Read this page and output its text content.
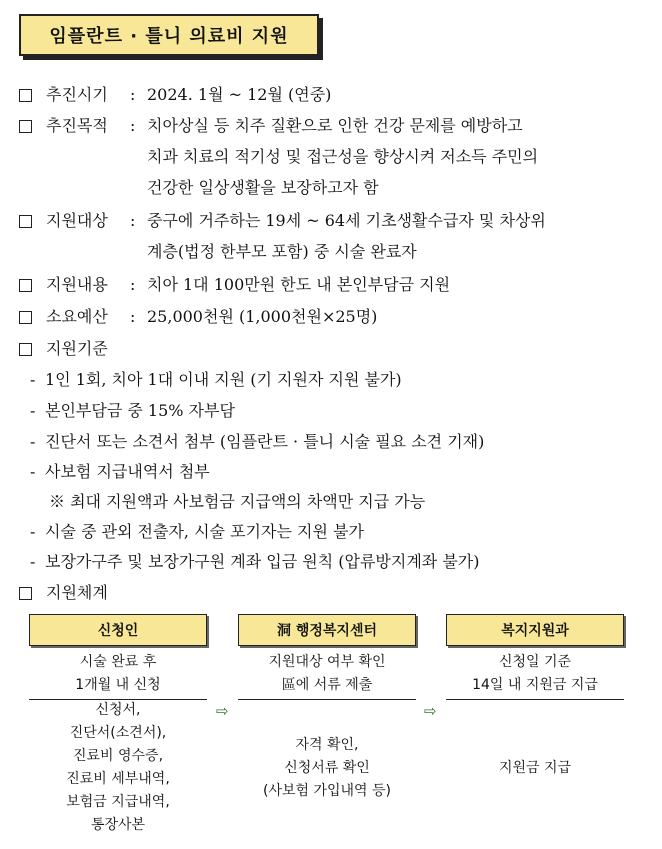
임플란트 · 틀니 의료비 지원
추진시기 : 2024. 1월 ~ 12월 (연중)
추진목적 : 치아상실 등 치주 질환으로 인한 건강 문제를 예방하고
치과 치료의 적기성 및 접근성을 향상시켜 저소득 주민의
건강한 일상생활을 보장하고자 함
지원대상 : 중구에 거주하는 19세 ~ 64세 기초생활수급자 및 차상위
계층(법정 한부모 포함) 중 시술 완료자
지원내용 : 치아 1대 100만원 한도 내 본인부담금 지원
소요예산 : 25,000천원 (1,000천원×25명)
지원기준
- 1인 1회, 치아 1대 이내 지원 (기 지원자 지원 불가)
- 본인부담금 중 15% 자부담
- 진단서 또는 소견서 첨부 (임플란트 · 틀니 시술 필요 소견 기재)
- 사보험 지급내역서 첨부
※ 최대 지원액과 사보험금 지급액의 차액만 지급 가능
- 시술 중 관외 전출자, 시술 포기자는 지원 불가
- 보장가구주 및 보장가구원 계좌 입금 원칙 (압류방지계좌 불가)
지원체계
신청인	洞 행정복지센터	복지지원과
시술 완료 후
1개월 내 신청
신청서,
진단서(소견서),
진료비 영수증,
진료비 세부내역,
보험금 지급내역,
통장사본
⇨
지원대상 여부 확인
區에 서류 제출
자격 확인,
신청서류 확인
(사보험 가입내역 등)
⇨
신청일 기준
14일 내 지원금 지급
지원금 지급
